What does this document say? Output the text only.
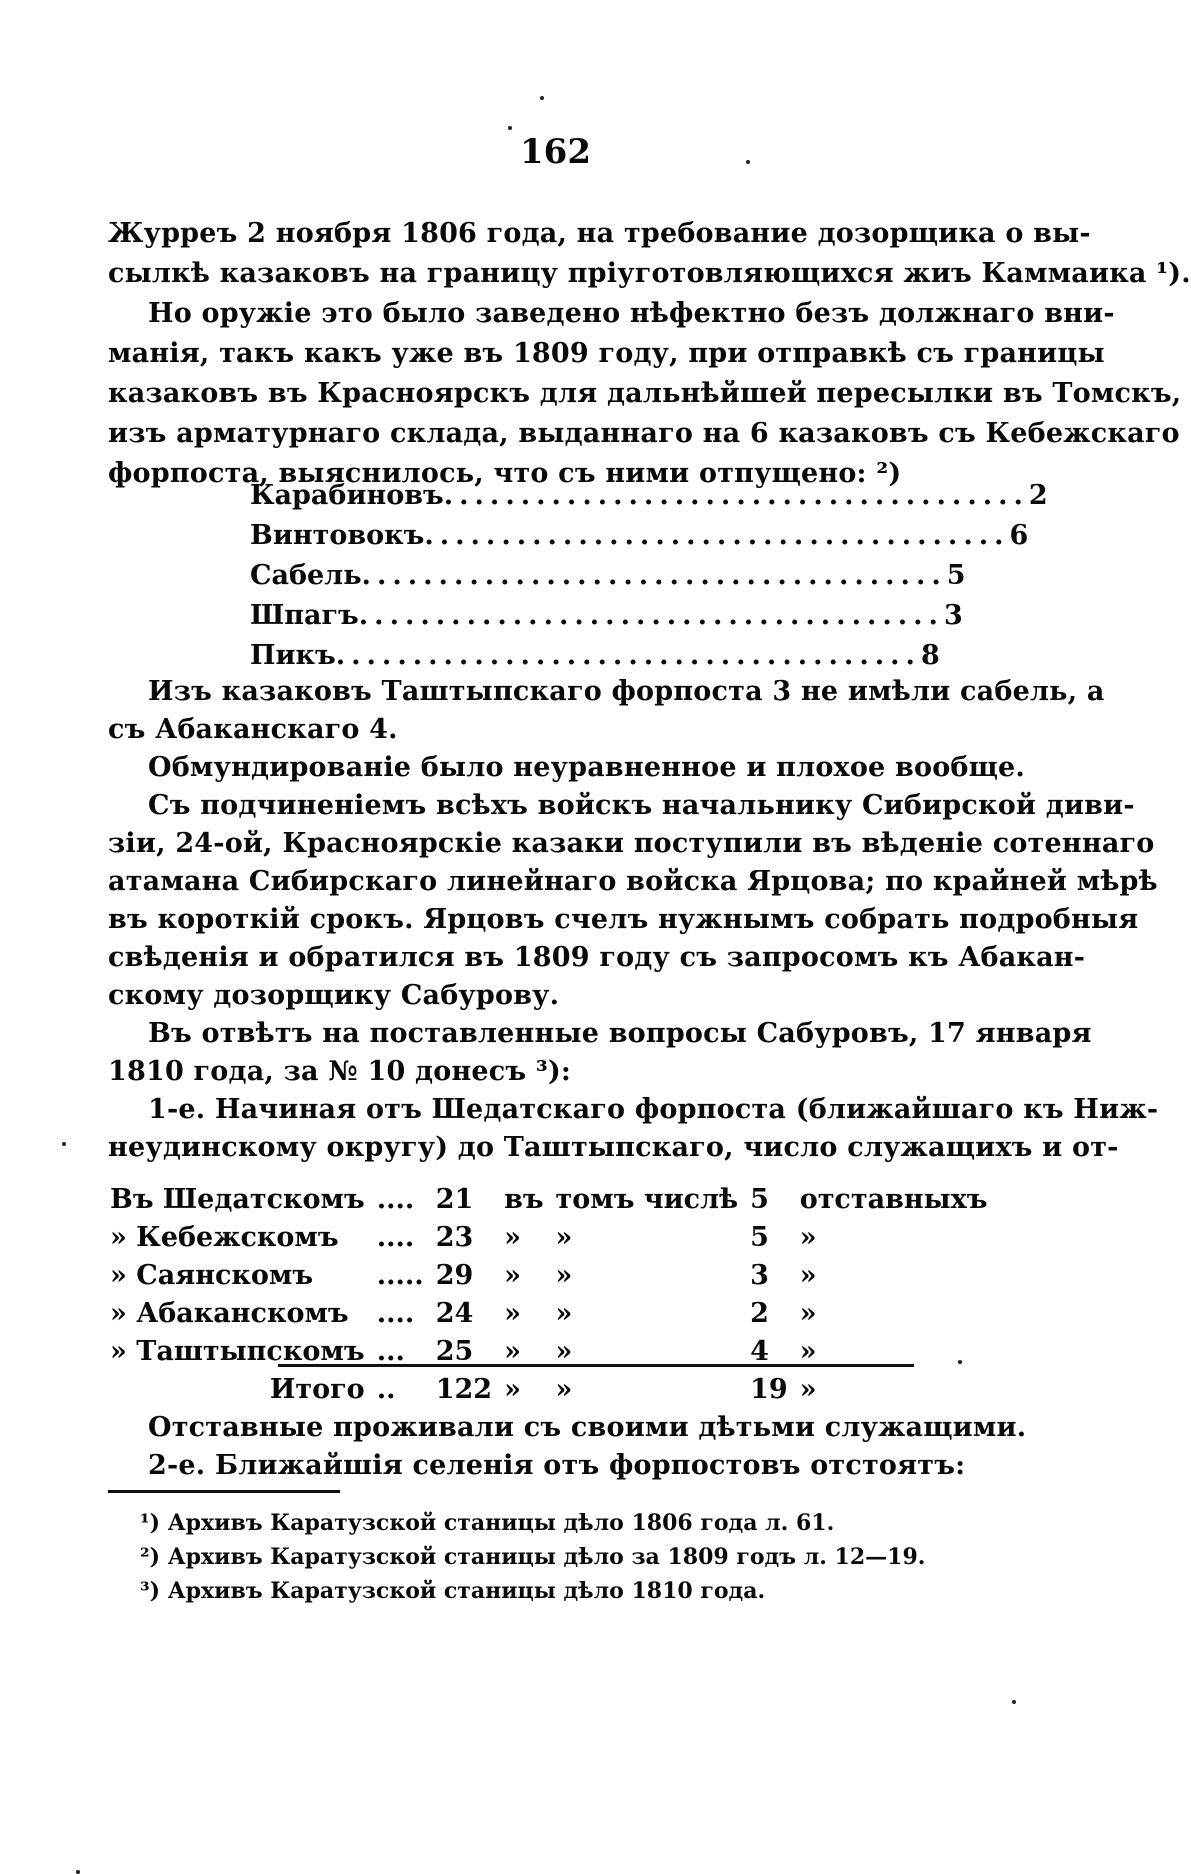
162
Журреъ 2 ноября 1806 года, на требование дозорщика о вы-
сылкѣ казаковъ на границу пріуготовляющихся жиъ Каммаика ¹).
Но оружіе это было заведено нѣфектно безъ должнаго вни-
манія, такъ какъ уже въ 1809 году, при отправкѣ съ границы
казаковъ въ Красноярскъ для дальнѣйшей пересылки въ Томскъ,
изъ арматурнаго склада, выданнаго на 6 казаковъ съ Кебежскаго
форпоста, выяснилось, что съ ними отпущено: ²)
Карабиновъ ...................................... 2
Винтовокъ ...................................... 6
Сабель ...................................... 5
Шпагъ ...................................... 3
Пикъ ...................................... 8
Изъ казаковъ Таштыпскаго форпоста 3 не имѣли сабель, а
съ Абаканскаго 4.
Обмундированіе было неуравненное и плохое вообще.
Съ подчиненіемъ всѣхъ войскъ начальнику Сибирской диви-
зіи, 24-ой, Красноярскіе казаки поступили въ вѣденіе сотеннаго
атамана Сибирскаго линейнаго войска Ярцова; по крайней мѣрѣ
въ короткій срокъ. Ярцовъ счелъ нужнымъ собрать подробныя
свѣденія и обратился въ 1809 году съ запросомъ къ Абакан-
скому дозорщику Сабурову.
Въ отвѣтъ на поставленные вопросы Сабуровъ, 17 января
1810 года, за № 10 донесъ ³):
1-е. Начиная отъ Шедатскаго форпоста (ближайшаго къ Ниж-
неудинскому округу) до Таштыпскаго, число служащихъ и от-
Въ Шедатскомъ	....	21	въ	томъ числѣ	5	отставныхъ
» Кебежскомъ	....	23	»	»	5	»
» Саянскомъ	.....	29	»	»	3	»
» Абаканскомъ	....	24	»	»	2	»
» Таштыпскомъ	...	25	»	»	4	»
Итого	..	122	»	»	19	»
Отставные проживали съ своими дѣтьми служащими.
2-е. Ближайшія селенія отъ форпостовъ отстоятъ:
¹) Архивъ Каратузской станицы дѣло 1806 года л. 61.
²) Архивъ Каратузской станицы дѣло за 1809 годъ л. 12—19.
³) Архивъ Каратузской станицы дѣло 1810 года.
